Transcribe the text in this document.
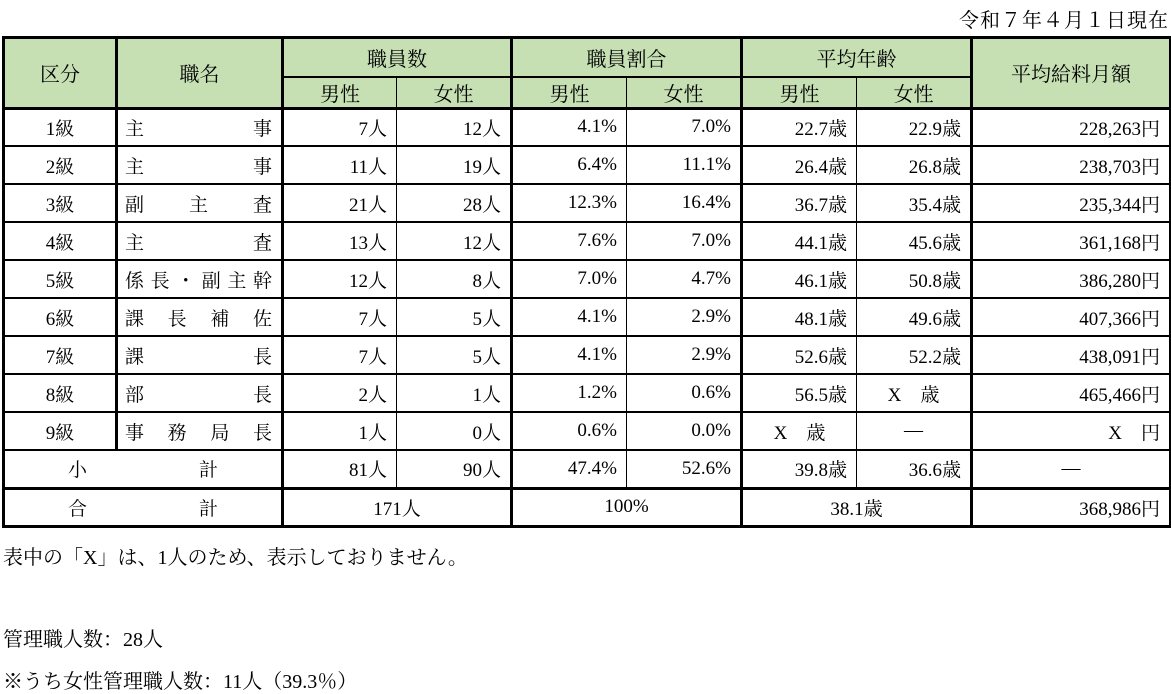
令和７年４月１日現在
区分	職名	職員数		職員割合		平均年齢		平均給料月額
		男性	女性	男性	女性	男性	女性	
1級	主事	7人	12人	4.1%	7.0%	22.7歳	22.9歳	228,263円
2級	主事	11人	19人	6.4%	11.1%	26.4歳	26.8歳	238,703円
3級	副主査	21人	28人	12.3%	16.4%	36.7歳	35.4歳	235,344円
4級	主査	13人	12人	7.6%	7.0%	44.1歳	45.6歳	361,168円
5級	係長・副主幹	12人	8人	7.0%	4.7%	46.1歳	50.8歳	386,280円
6級	課長補佐	7人	5人	4.1%	2.9%	48.1歳	49.6歳	407,366円
7級	課長	7人	5人	4.1%	2.9%	52.6歳	52.2歳	438,091円
8級	部長	2人	1人	1.2%	0.6%	56.5歳	X　歳	465,466円
9級	事務局長	1人	0人	0.6%	0.0%	X　歳	―	X　円
小計		81人	90人	47.4%	52.6%	39.8歳	36.6歳	―
合計		171人		100%		38.1歳		368,986円
表中の「X」は、1人のため、表示しておりません。
管理職人数：28人
※うち女性管理職人数：11人（39.3％）
